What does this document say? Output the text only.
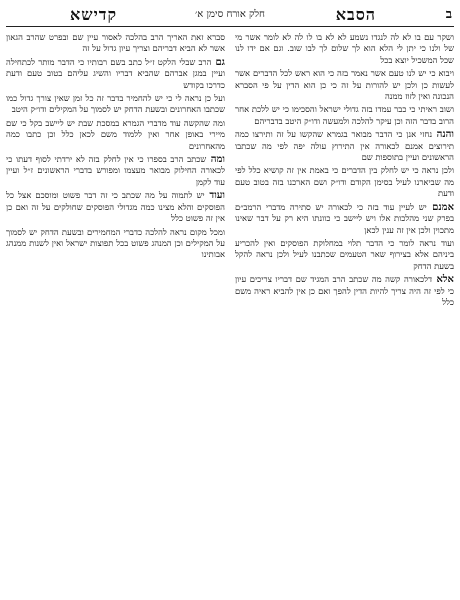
ב
הסבא
חלק אורח סימן א׳
קדישא

ושקר עם בו לא לה לנגדו נשמע לא לא בו לו לה לא לומר אשר מי של ולנו כי יתן לי הלא הוא לך שלום לך לבו שוב. וגם אם ידו לנו שכל המשכיל יוצא בכל

ויבוא כי יש לנו טעם אשר נאמר בזה כי הוא ראש לכל הדברים אשר לעשות כן ולכן יש להורות על זה כי כן הוא הדין על פי הסברא הנכונה ואין לזוז ממנה

ושוב ראיתי כי כבר עמדו בזה גדולי ישראל והסכימו כי יש ללכת אחר הרוב בדבר הזה וכן עיקר להלכה ולמעשה ודו״ק היטב בדבריהם

והנה נחזי אנן כי הדבר מבואר בגמרא שהקשו על זה ותירצו כמה תירוצים אמנם לכאורה אין התירוץ עולה יפה לפי מה שכתבו הראשונים ועיין בתוספות שם

ולכן נראה כי יש לחלק בין הדברים כי באמת אין זה קושיא כלל לפי מה שביארנו לעיל בסימן הקודם ודו״ק ושם הארכנו בזה בטוב טעם ודעת

אמנם יש לעיין עוד בזה כי לכאורה יש סתירה מדברי הרמב״ם בפרק שני מהלכות אלו ויש ליישב כי כוונתו היא רק על דבר שאינו מתכוין ולכן אין זה ענין לכאן

ועוד נראה לומר כי הדבר תלוי במחלוקת הפוסקים ואין להכריע ביניהם אלא בצירוף שאר הטעמים שכתבנו לעיל ולכן נראה להקל בשעת הדחק

אלא דלכאורה קשה מה שכתב הרב המגיד שם דבריו צריכים עיון כי לפי זה היה צריך להיות הדין להפך ואם כן אין להביא ראיה משם כלל

סברא זאת האריך הרב בהלכה לאסור עיין שם ובפרט שהרב הגאון אשר לא הביא דבריהם וצריך עיון גדול על זה

גם הרב שבלי הלקט ז״ל כתב בשם רבותיו כי הדבר מותר לכתחילה ועיין במגן אברהם שהביא דבריו והשיג עליהם בטוב טעם ודעת כדרכו בקודש

ועל כן נראה לי כי יש להחמיר בדבר זה כל זמן שאין צורך גדול כמו שכתבו האחרונים ובשעת הדחק יש לסמוך על המקילים ודו״ק היטב

ומה שהקשה עוד מדברי הגמרא במסכת שבת יש ליישב בקל כי שם מיירי באופן אחר ואין ללמוד משם לכאן כלל וכן כתבו כמה מהאחרונים

ומה שכתב הרב בספרו כי אין לחלק בזה לא ירדתי לסוף דעתו כי לכאורה החילוק מבואר מעצמו ומפורש בדברי הראשונים ז״ל ועיין עוד לקמן

ועוד יש לתמוה על מה שכתב כי זה דבר פשוט ומוסכם אצל כל הפוסקים והלא מצינו כמה מגדולי הפוסקים שחולקים על זה ואם כן אין זה פשוט כלל

ומכל מקום נראה להלכה כדברי המחמירים ובשעת הדחק יש לסמוך על המקילים וכן המנהג פשוט בכל תפוצות ישראל ואין לשנות ממנהג אבותינו
